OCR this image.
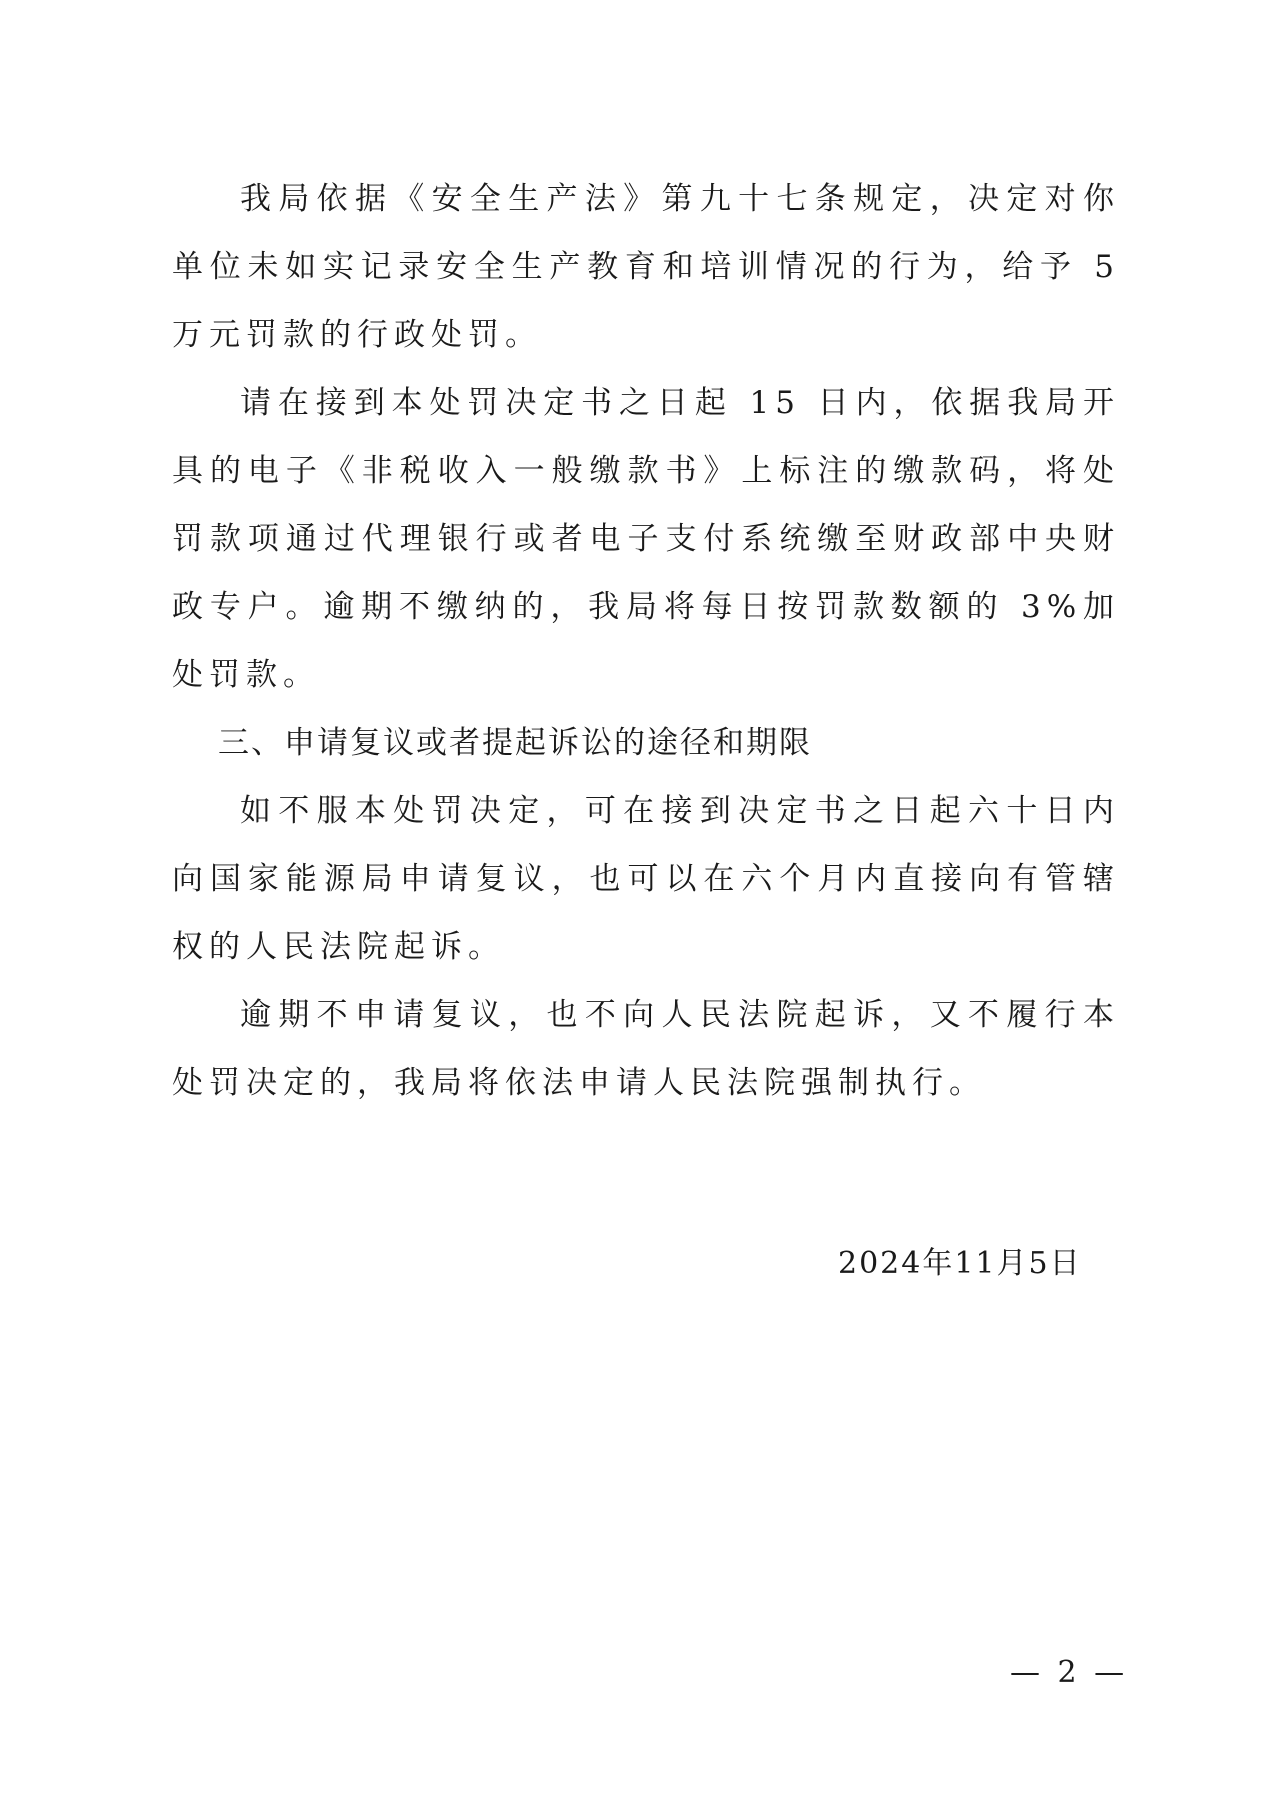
我局依据《安全生产法》第九十七条规定，决定对你单位未如实记录安全生产教育和培训情况的行为，给予 5 万元罚款的行政处罚。

请在接到本处罚决定书之日起 15 日内，依据我局开具的电子《非税收入一般缴款书》上标注的缴款码，将处罚款项通过代理银行或者电子支付系统缴至财政部中央财政专户。逾期不缴纳的，我局将每日按罚款数额的 3%加处罚款。

三、申请复议或者提起诉讼的途径和期限

如不服本处罚决定，可在接到决定书之日起六十日内向国家能源局申请复议，也可以在六个月内直接向有管辖权的人民法院起诉。

逾期不申请复议，也不向人民法院起诉，又不履行本处罚决定的，我局将依法申请人民法院强制执行。

2024年11月5日
— 2 —
